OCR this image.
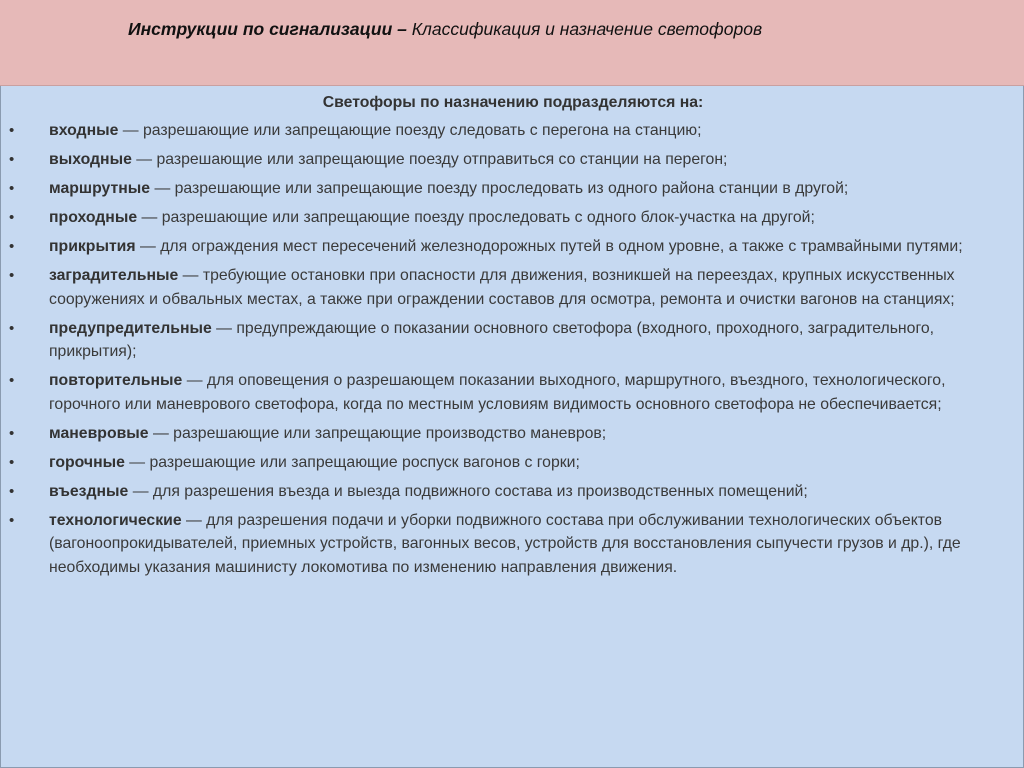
Инструкции по сигнализации – Классификация и назначение светофоров
Светофоры по назначению подразделяются на:
• входные — разрешающие или запрещающие поезду следовать с перегона на станцию;
• выходные — разрешающие или запрещающие поезду отправиться со станции на перегон;
• маршрутные — разрешающие или запрещающие поезду проследовать из одного района станции в другой;
• проходные — разрешающие или запрещающие поезду проследовать с одного блок-участка на другой;
• прикрытия — для ограждения мест пересечений железнодорожных путей в одном уровне, а также с трамвайными путями;
• заградительные — требующие остановки при опасности для движения, возникшей на переездах, крупных искусственных сооружениях и обвальных местах, а также при ограждении составов для осмотра, ремонта и очистки вагонов на станциях;
• предупредительные — предупреждающие о показании основного светофора (входного, проходного, заградительного, прикрытия);
• повторительные — для оповещения о разрешающем показании выходного, маршрутного, въездного, технологического, горочного или маневрового светофора, когда по местным условиям видимость основного светофора не обеспечивается;
• маневровые — разрешающие или запрещающие производство маневров;
• горочные — разрешающие или запрещающие роспуск вагонов с горки;
• въездные — для разрешения въезда и выезда подвижного состава из производственных помещений;
• технологические — для разрешения подачи и уборки подвижного состава при обслуживании технологических объектов (вагоноопрокидывателей, приемных устройств, вагонных весов, устройств для восстановления сыпучести грузов и др.), где необходимы указания машинисту локомотива по изменению направления движения.
